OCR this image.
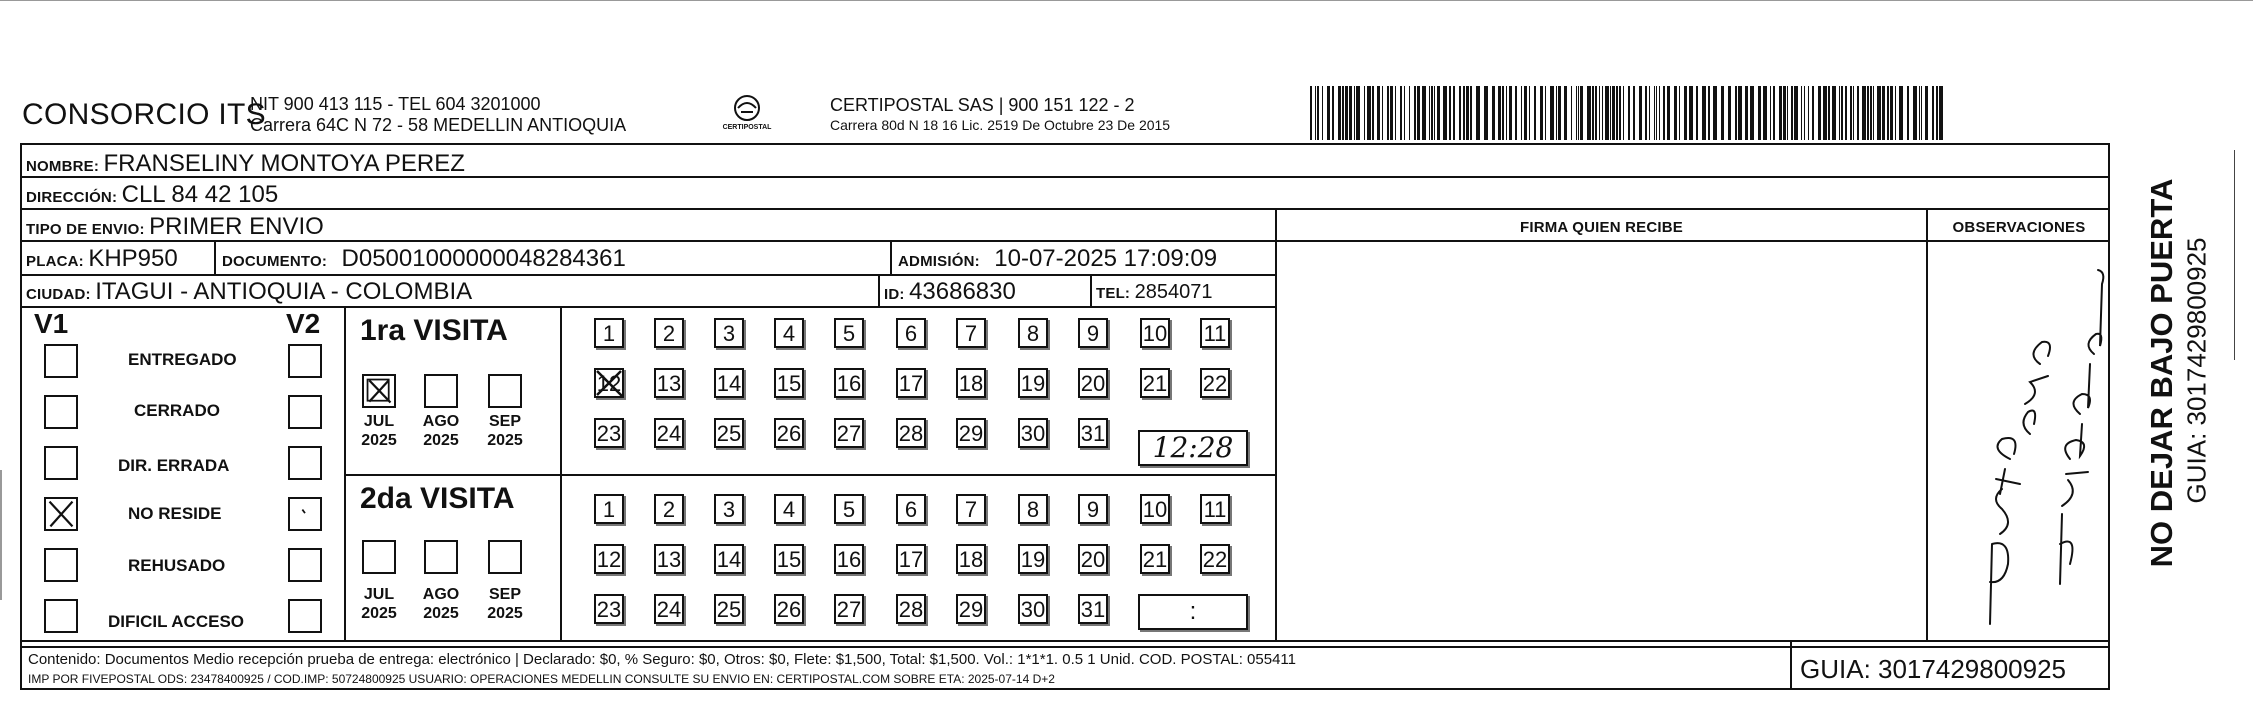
CONSORCIO ITS
NIT 900 413 115 - TEL 604 3201000
Carrera 64C N 72 - 58 MEDELLIN ANTIOQUIA	CERTIPOSTAL
CERTIPOSTAL SAS | 900 151 122 - 2
Carrera 80d N 18 16 Lic. 2519 De Octubre 23 De 2015
NOMBRE: FRANSELINY MONTOYA PEREZ
DIRECCIÓN: CLL 84 42 105
TIPO DE ENVIO: PRIMER ENVIO	FIRMA QUIEN RECIBE	OBSERVACIONES
PLACA: KHP950	DOCUMENTO: D05001000000048284361	ADMISIÓN: 10-07-2025 17:09:09
CIUDAD: ITAGUI - ANTIOQUIA - COLOMBIA	ID: 43686830	TEL: 2854071
V1	V2
ENTREGADO
CERRADO
DIR. ERRADA
NO RESIDE
REHUSADO
DIFICIL ACCESO
1ra VISITA
JUL
2025
AGO
2025
SEP
2025
1	2	3	4	5	6	7	8	9	10 11
12 13 14 15 16 17 18 19 20 21 22
23 24 25 26 27 28 29 30 31	12:28
2da VISITA
JUL
2025
AGO
2025
SEP
2025
1	2	3	4	5	6	7	8	9	10 11
12 13 14 15 16 17 18 19 20 21 22
23 24 25 26 27 28 29 30 31	:
Contenido: Documentos Medio recepción prueba de entrega: electrónico | Declarado: $0, % Seguro: $0, Otros: $0, Flete: $1,500, Total: $1,500. Vol.: 1*1*1. 0.5 1 Unid. COD. POSTAL: 055411
IMP POR FIVEPOSTAL ODS: 23478400925 / COD.IMP: 50724800925 USUARIO: OPERACIONES MEDELLIN CONSULTE SU ENVIO EN: CERTIPOSTAL.COM SOBRE ETA: 2025-07-14 D+2	GUIA: 3017429800925
NO DEJAR BAJO PUERTA GUIA: 3017429800925
